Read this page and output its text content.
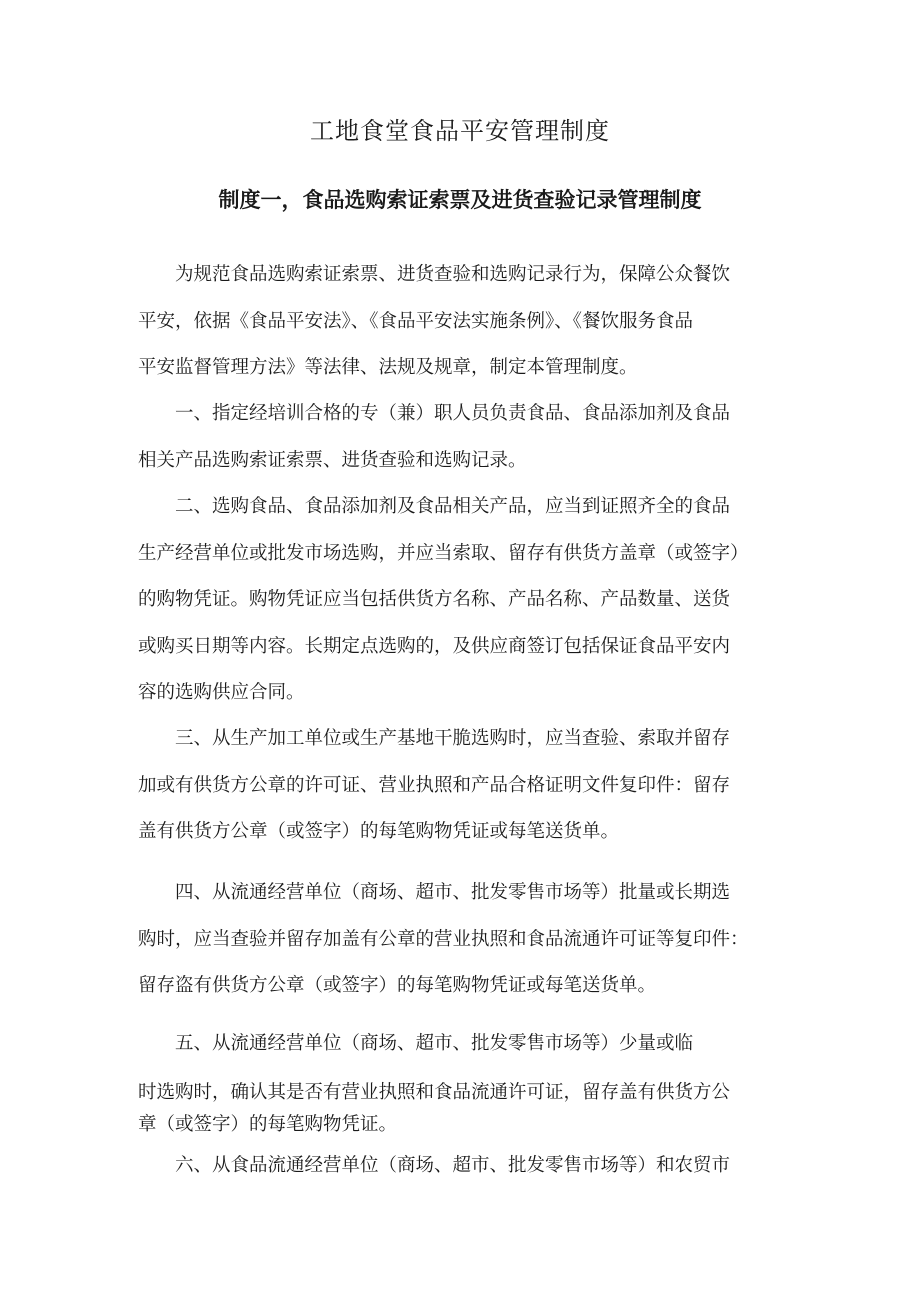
工地食堂食品平安管理制度
制度一，食品选购索证索票及进货查验记录管理制度
为规范食品选购索证索票、进货查验和选购记录行为，保障公众餐饮
平安，依据《食品平安法》、《食品平安法实施条例》、《餐饮服务食品
平安监督管理方法》等法律、法规及规章，制定本管理制度。
一、指定经培训合格的专（兼）职人员负责食品、食品添加剂及食品
相关产品选购索证索票、进货查验和选购记录。
二、选购食品、食品添加剂及食品相关产品，应当到证照齐全的食品
生产经营单位或批发市场选购，并应当索取、留存有供货方盖章（或签字）
的购物凭证。购物凭证应当包括供货方名称、产品名称、产品数量、送货
或购买日期等内容。长期定点选购的，及供应商签订包括保证食品平安内
容的选购供应合同。
三、从生产加工单位或生产基地干脆选购时，应当查验、索取并留存
加或有供货方公章的许可证、营业执照和产品合格证明文件复印件：留存
盖有供货方公章（或签字）的每笔购物凭证或每笔送货单。
四、从流通经营单位（商场、超市、批发零售市场等）批量或长期选
购时，应当查验并留存加盖有公章的营业执照和食品流通许可证等复印件：
留存盗有供货方公章（或签字）的每笔购物凭证或每笔送货单。
五、从流通经营单位（商场、超市、批发零售市场等）少量或临
时选购时，确认其是否有营业执照和食品流通许可证，留存盖有供货方公
章（或签字）的每笔购物凭证。
六、从食品流通经营单位（商场、超市、批发零售市场等）和农贸市
